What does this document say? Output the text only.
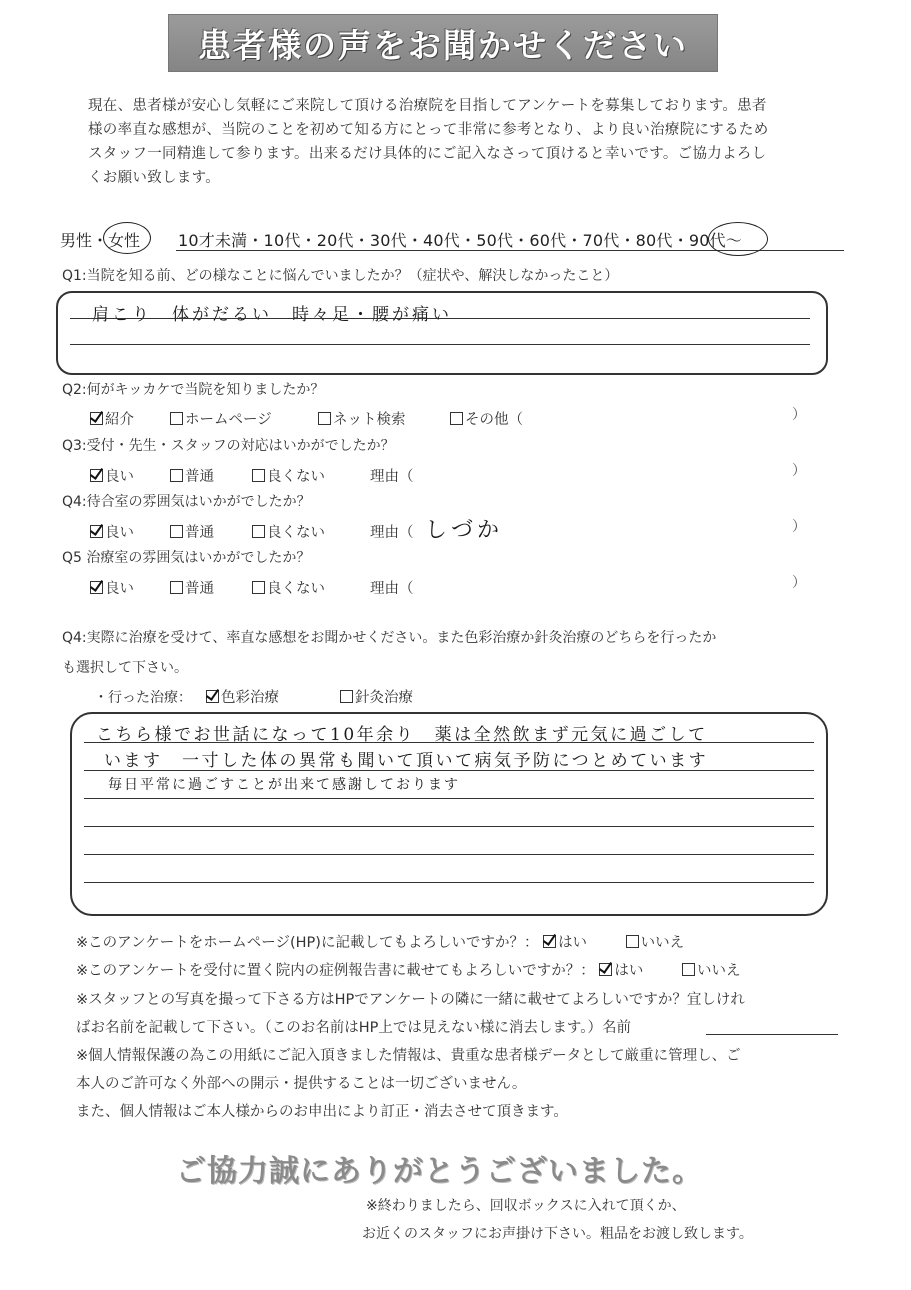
患者様の声をお聞かせください
現在、患者様が安心し気軽にご来院して頂ける治療院を目指してアンケートを募集しております。患者
様の率直な感想が、当院のことを初めて知る方にとって非常に参考となり、より良い治療院にするため
スタッフ一同精進して参ります。出来るだけ具体的にご記入なさって頂けると幸いです。ご協力よろし
くお願い致します。
男性・女性 10才未満・10代・20代・30代・40代・50代・60代・70代・80代・90代～
Q1:当院を知る前、どの様なことに悩んでいましたか？（症状や、解決しなかったこと）
肩こり　体がだるい　時々足・腰が痛い
Q2:何がキッカケで当院を知りましたか？
紹介	ホームページ	ネット検索	その他（	）
Q3:受付・先生・スタッフの対応はいかがでしたか？
良い	普通	良くない	理由（	）
Q4:待合室の雰囲気はいかがでしたか？
良い	普通	良くない	理由（ しづか	）
Q5 治療室の雰囲気はいかがでしたか？
良い	普通	良くない	理由（	）
Q4:実際に治療を受けて、率直な感想をお聞かせください。また色彩治療か針灸治療のどちらを行ったか
も選択して下さい。
・行った治療：	色彩治療	針灸治療
こちら様でお世話になって10年余り　薬は全然飲まず元気に過ごして
います　一寸した体の異常も聞いて頂いて病気予防につとめています
毎日平常に過ごすことが出来て感謝しております
※このアンケートをホームページ(HP)に記載してもよろしいですか？： はい	いいえ
※このアンケートを受付に置く院内の症例報告書に載せてもよろしいですか？： はい	いいえ
※スタッフとの写真を撮って下さる方はHPでアンケートの隣に一緒に載せてよろしいですか？宜しけれ
ばお名前を記載して下さい。（このお名前はHP上では見えない様に消去します。）名前
※個人情報保護の為この用紙にご記入頂きました情報は、貴重な患者様データとして厳重に管理し、ご
本人のご許可なく外部への開示・提供することは一切ございません。
また、個人情報はご本人様からのお申出により訂正・消去させて頂きます。
ご協力誠にありがとうございました。
※終わりましたら、回収ボックスに入れて頂くか、
お近くのスタッフにお声掛け下さい。粗品をお渡し致します。
